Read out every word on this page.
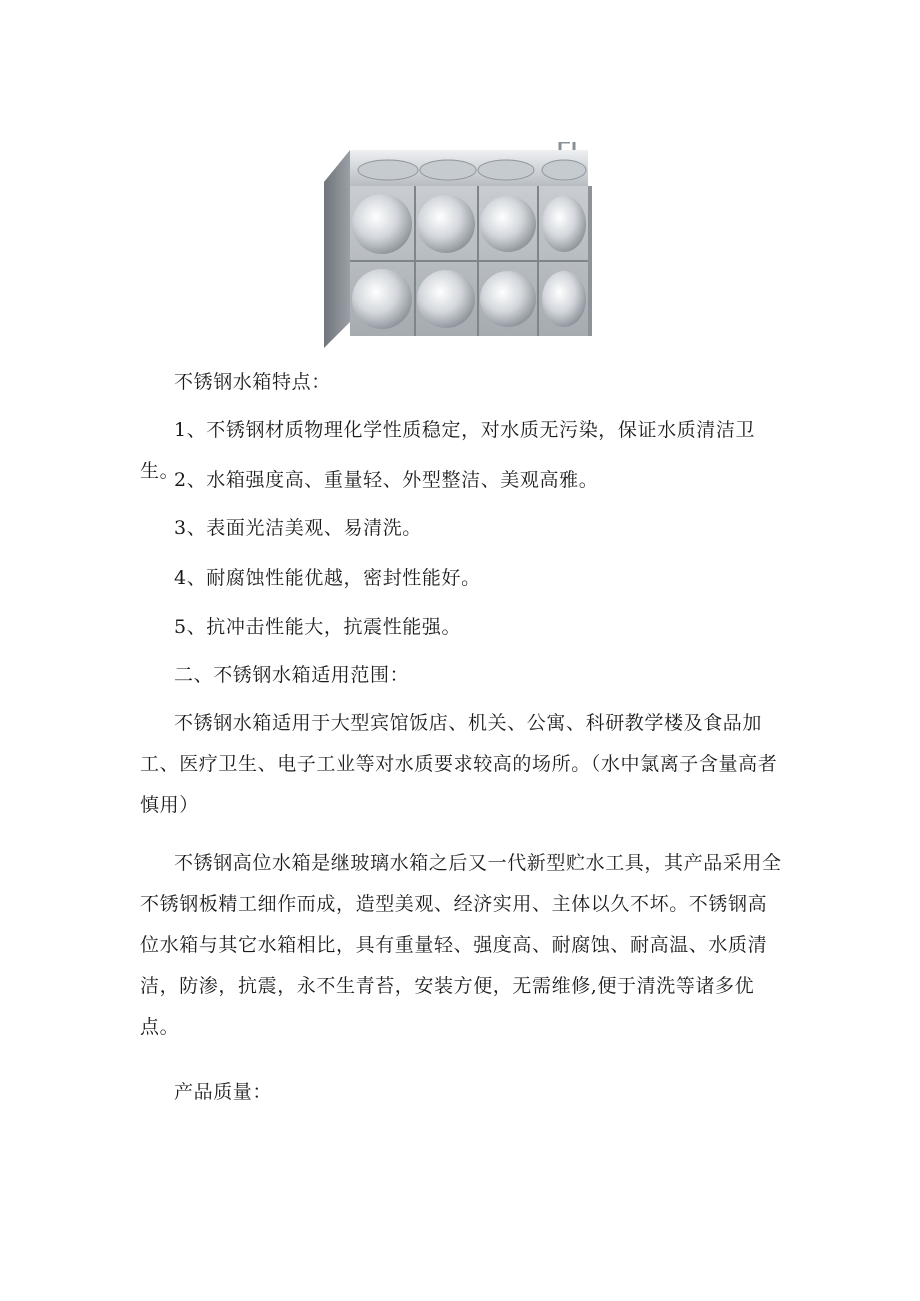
不锈钢水箱特点：

1、不锈钢材质物理化学性质稳定，对水质无污染，保证水质清洁卫生。

2、水箱强度高、重量轻、外型整洁、美观高雅。

3、表面光洁美观、易清洗。

4、耐腐蚀性能优越，密封性能好。

5、抗冲击性能大，抗震性能强。

二、不锈钢水箱适用范围：

不锈钢水箱适用于大型宾馆饭店、机关、公寓、科研教学楼及食品加工、医疗卫生、电子工业等对水质要求较高的场所。（水中氯离子含量高者慎用）

不锈钢高位水箱是继玻璃水箱之后又一代新型贮水工具，其产品采用全不锈钢板精工细作而成，造型美观、经济实用、主体以久不坏。不锈钢高位水箱与其它水箱相比，具有重量轻、强度高、耐腐蚀、耐高温、水质清洁，防渗，抗震，永不生青苔，安装方便，无需维修,便于清洗等诸多优点。

产品质量：
